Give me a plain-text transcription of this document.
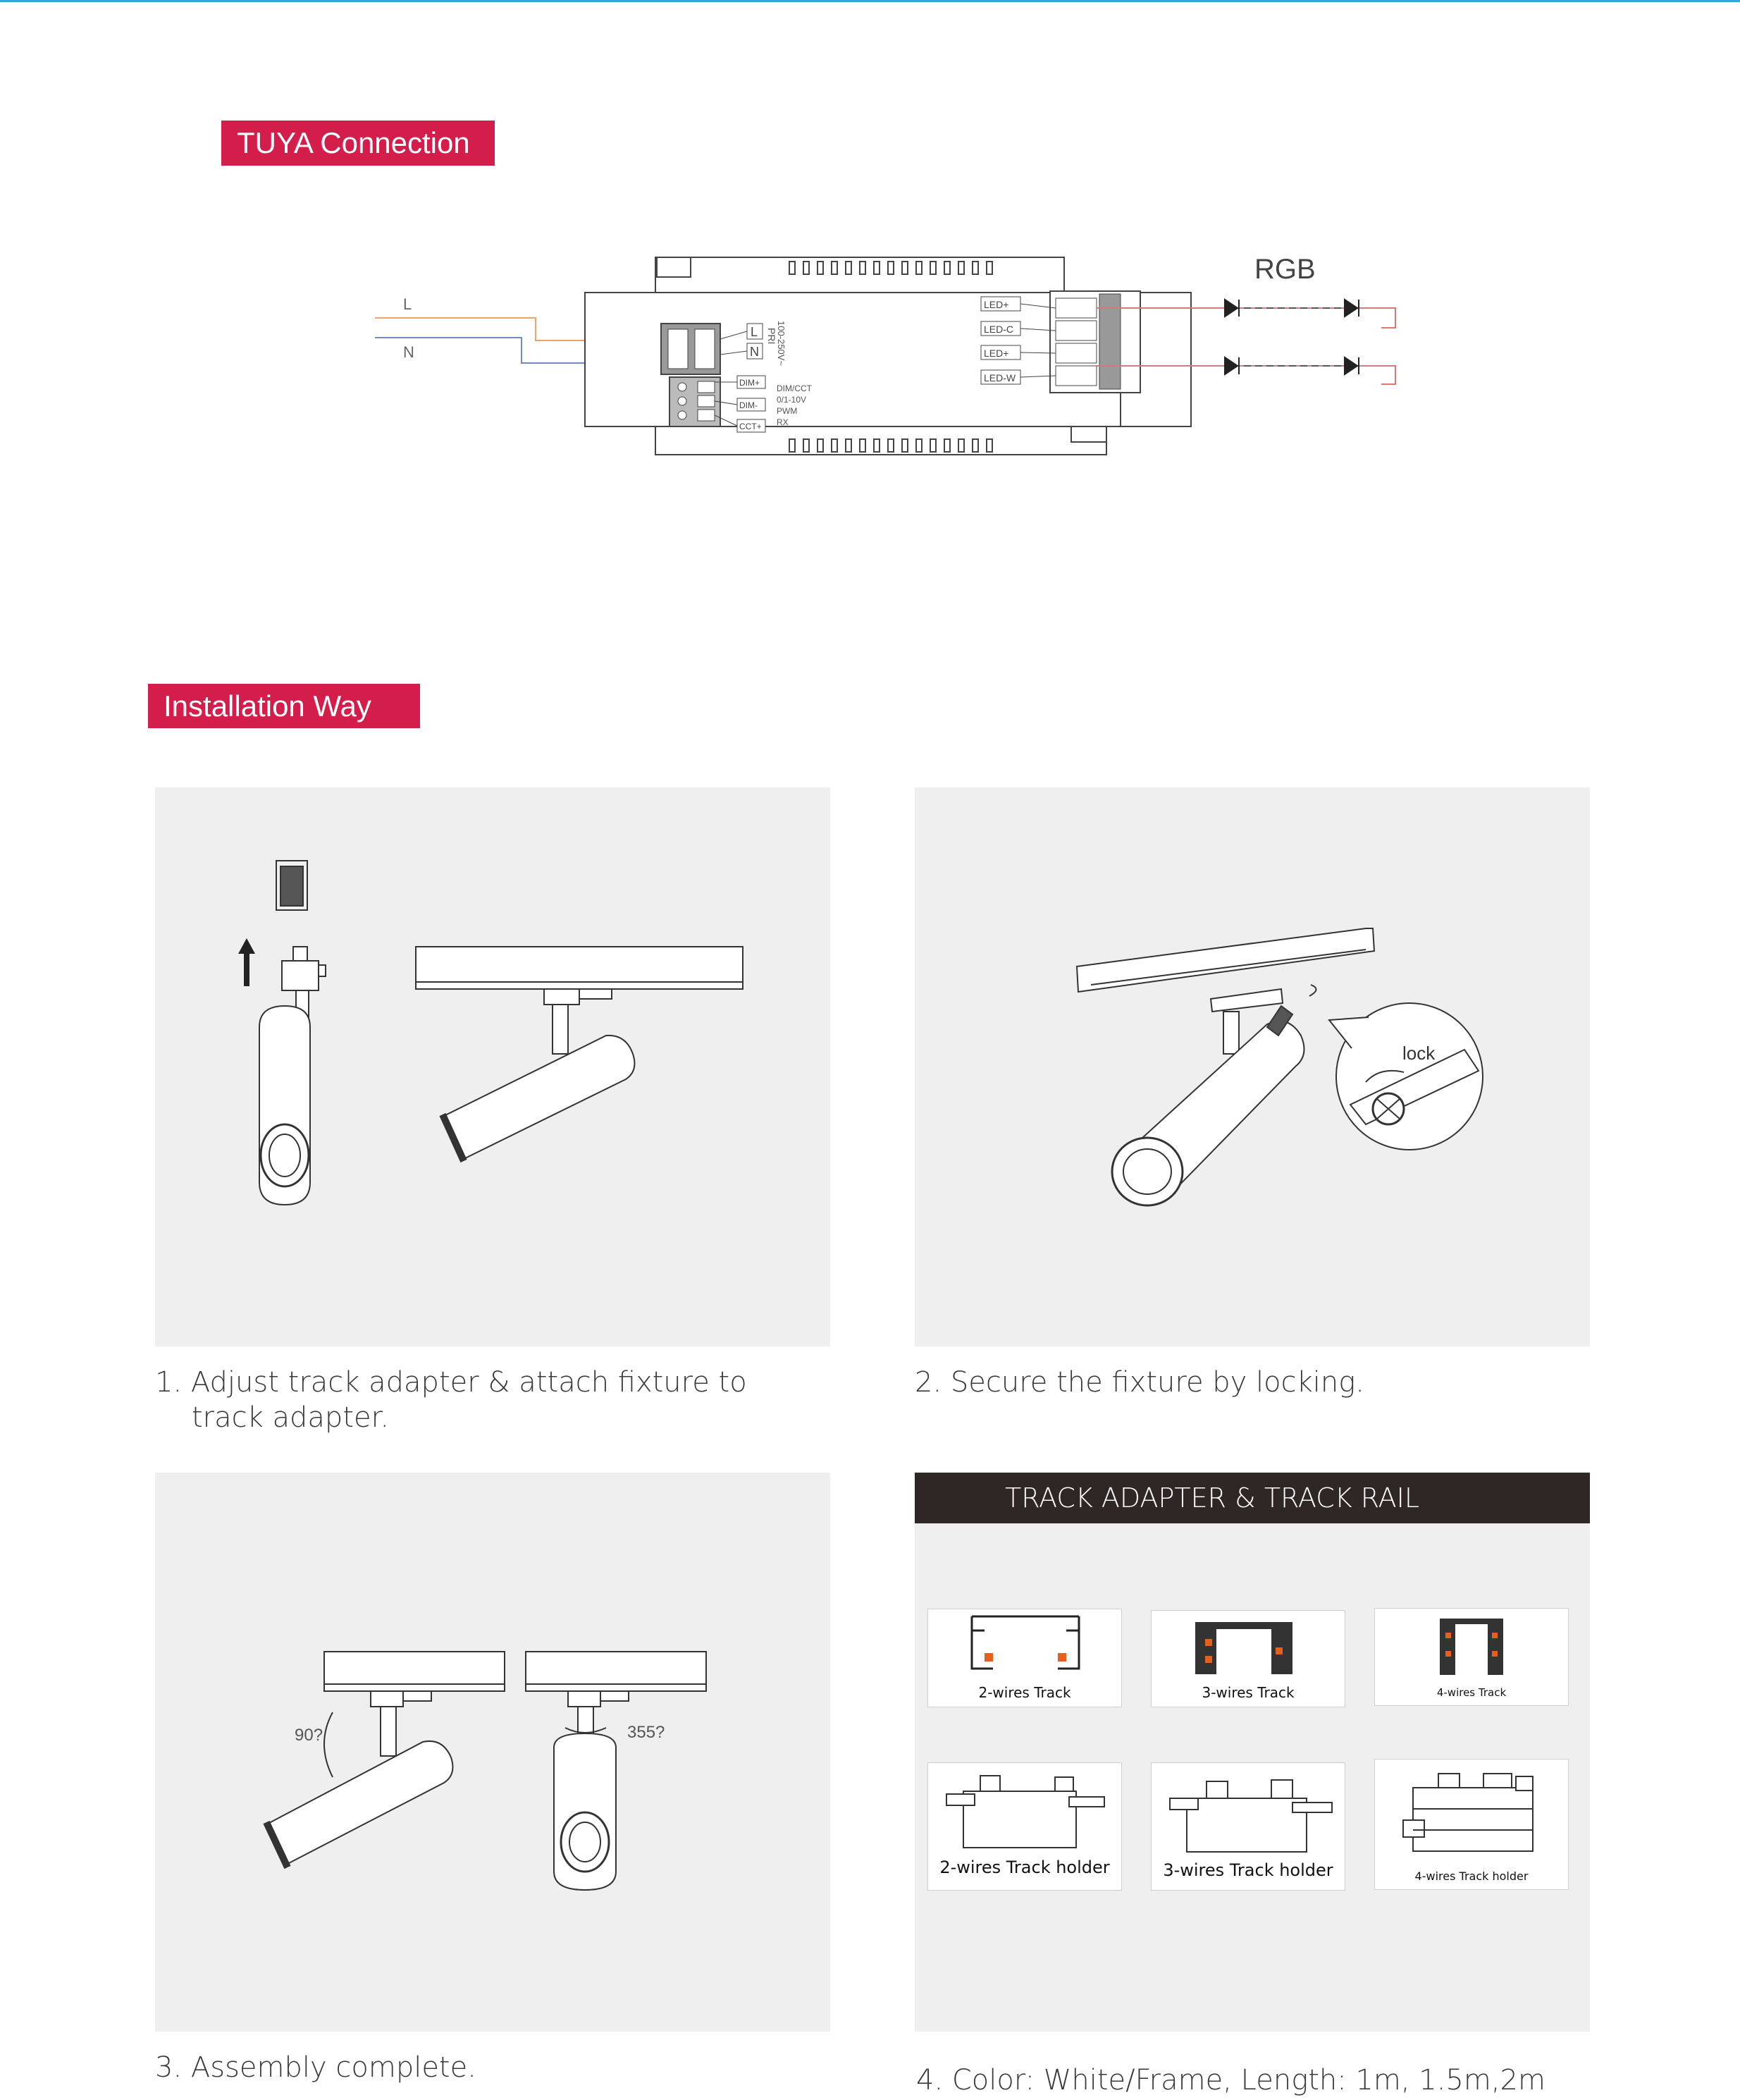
TUYA Connection
L
N
L
N 100-250V~
PRI
DIM+
DIM-
CCT+
DIM/CCT
0/1-10V
PWM
RX
LED+
LED-C
LED+
LED-W
RGB
Installation Way
1. Adjust track adapter & attach fixture to
track adapter.
lock
2. Secure the fixture by locking.
90?	355?
3. Assembly complete.
TRACK ADAPTER & TRACK RAIL
2-wires Track	3-wires Track	4-wires Track
2-wires Track holder	3-wires Track holder	4-wires Track holder
4. Color: White/Frame, Length: 1m, 1.5m,2m
